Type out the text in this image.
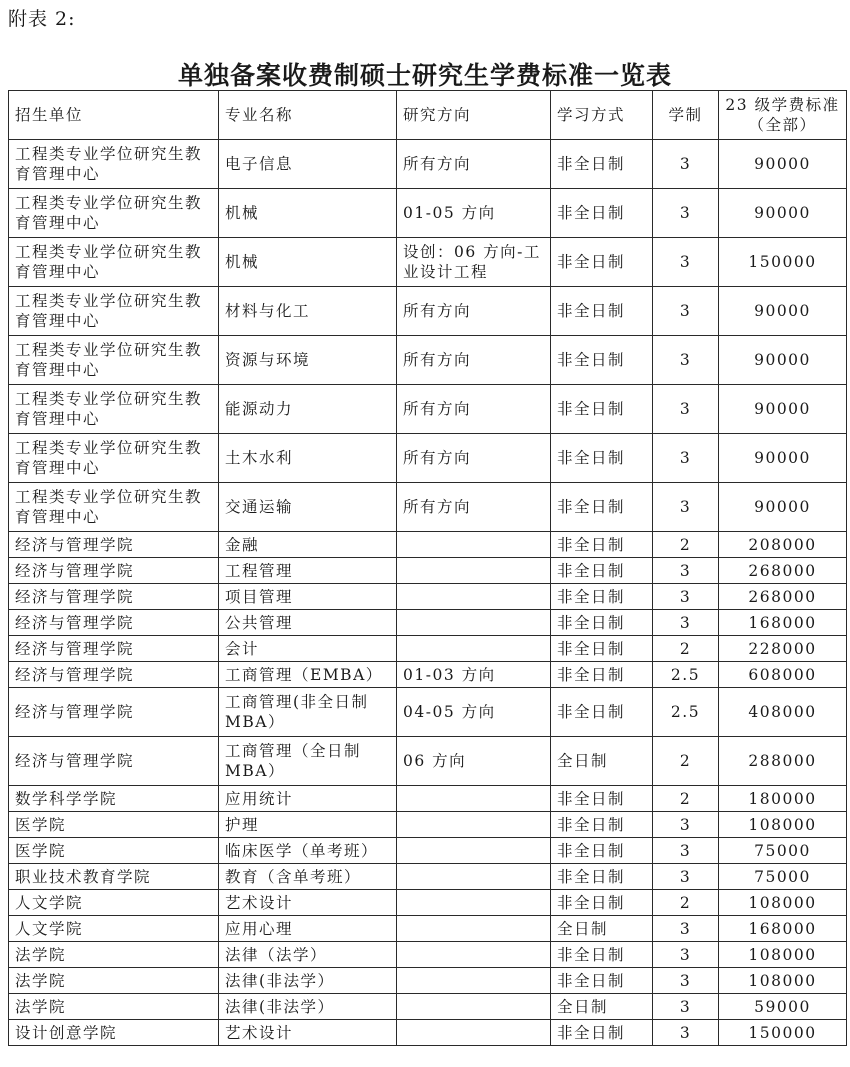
附表 2:
单独备案收费制硕士研究生学费标准一览表
招生单位	专业名称	研究方向	学习方式	学制	23 级学费标准（全部）
工程类专业学位研究生教育管理中心	电子信息	所有方向	非全日制	3	90000
工程类专业学位研究生教育管理中心	机械	01-05 方向	非全日制	3	90000
工程类专业学位研究生教育管理中心	机械	设创：06 方向-工业设计工程	非全日制	3	150000
工程类专业学位研究生教育管理中心	材料与化工	所有方向	非全日制	3	90000
工程类专业学位研究生教育管理中心	资源与环境	所有方向	非全日制	3	90000
工程类专业学位研究生教育管理中心	能源动力	所有方向	非全日制	3	90000
工程类专业学位研究生教育管理中心	土木水利	所有方向	非全日制	3	90000
工程类专业学位研究生教育管理中心	交通运输	所有方向	非全日制	3	90000
经济与管理学院	金融		非全日制	2	208000
经济与管理学院	工程管理		非全日制	3	268000
经济与管理学院	项目管理		非全日制	3	268000
经济与管理学院	公共管理		非全日制	3	168000
经济与管理学院	会计		非全日制	2	228000
经济与管理学院	工商管理（EMBA）	01-03 方向	非全日制	2.5	608000
经济与管理学院	工商管理(非全日制 MBA）	04-05 方向	非全日制	2.5	408000
经济与管理学院	工商管理（全日制 MBA）	06 方向	全日制	2	288000
数学科学学院	应用统计		非全日制	2	180000
医学院	护理		非全日制	3	108000
医学院	临床医学（单考班）		非全日制	3	75000
职业技术教育学院	教育（含单考班）		非全日制	3	75000
人文学院	艺术设计		非全日制	2	108000
人文学院	应用心理		全日制	3	168000
法学院	法律（法学）		非全日制	3	108000
法学院	法律(非法学）		非全日制	3	108000
法学院	法律(非法学）		全日制	3	59000
设计创意学院	艺术设计		非全日制	3	150000
